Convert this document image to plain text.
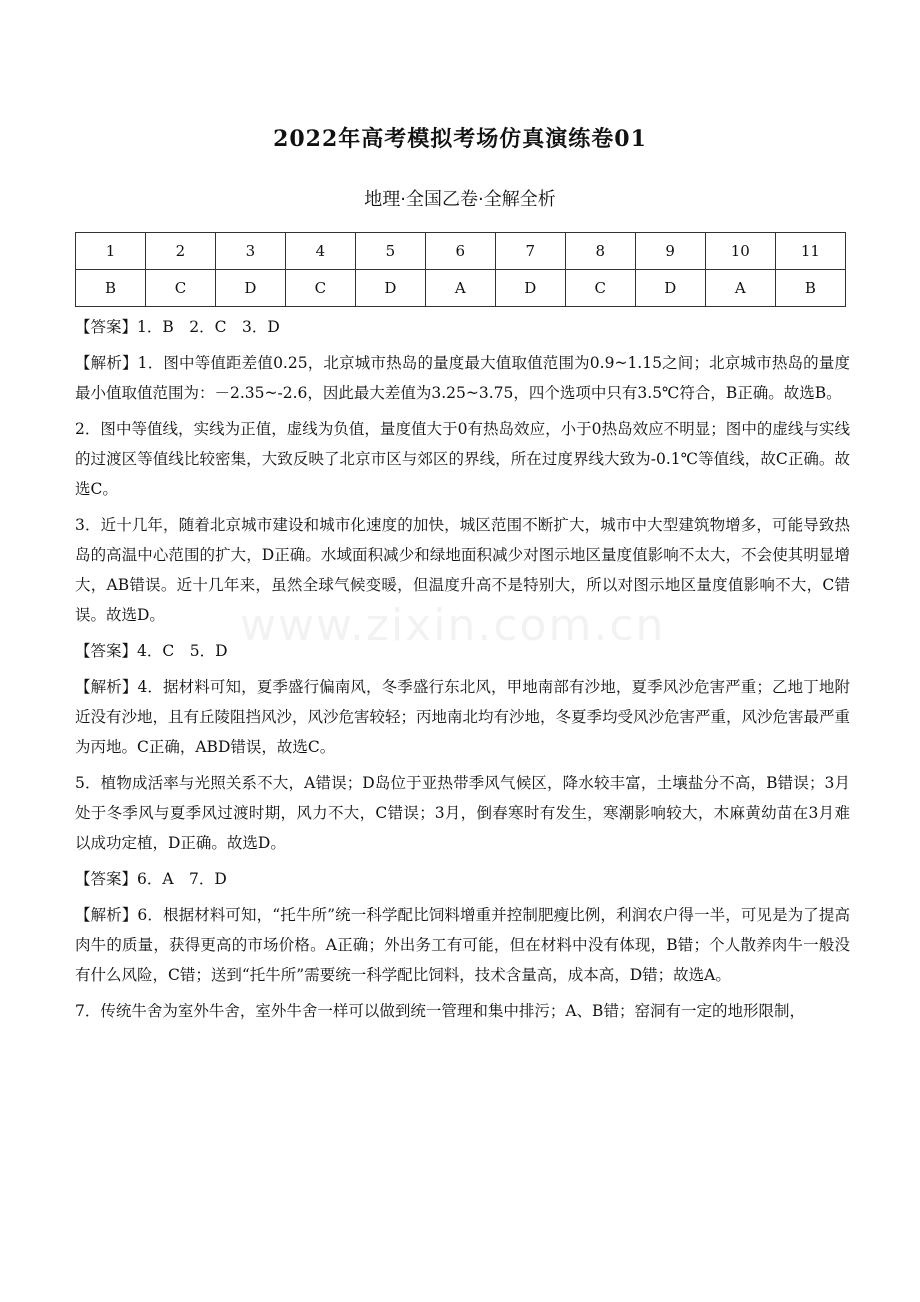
2022年高考模拟考场仿真演练卷01
地理·全国乙卷·全解全析
1	2	3	4	5	6	7	8	9	10	11
B	C	D	C	D	A	D	C	D	A	B
www.zixin.com.cn

【答案】1．B　2．C　3．D

【解析】1．图中等值距差值0.25，北京城市热岛的量度最大值取值范围为0.9~1.15之间；北京城市热岛的量度最小值取值范围为：－2.35~-2.6，因此最大差值为3.25~3.75，四个选项中只有3.5℃符合，B正确。故选B。

2．图中等值线，实线为正值，虚线为负值，量度值大于0有热岛效应，小于0热岛效应不明显；图中的虚线与实线的过渡区等值线比较密集，大致反映了北京市区与郊区的界线，所在过度界线大致为-0.1℃等值线，故C正确。故选C。

3．近十几年，随着北京城市建设和城市化速度的加快，城区范围不断扩大，城市中大型建筑物增多，可能导致热岛的高温中心范围的扩大，D正确。水域面积减少和绿地面积减少对图示地区量度值影响不太大，不会使其明显增大，AB错误。近十几年来，虽然全球气候变暖，但温度升高不是特别大，所以对图示地区量度值影响不大，C错误。故选D。

【答案】4．C　5．D

【解析】4．据材料可知，夏季盛行偏南风，冬季盛行东北风，甲地南部有沙地，夏季风沙危害严重；乙地丁地附近没有沙地，且有丘陵阻挡风沙，风沙危害较轻；丙地南北均有沙地，冬夏季均受风沙危害严重，风沙危害最严重为丙地。C正确，ABD错误，故选C。

5．植物成活率与光照关系不大，A错误；D岛位于亚热带季风气候区，降水较丰富，土壤盐分不高，B错误；3月处于冬季风与夏季风过渡时期，风力不大，C错误；3月，倒春寒时有发生，寒潮影响较大，木麻黄幼苗在3月难以成功定植，D正确。故选D。

【答案】6．A　7．D

【解析】6．根据材料可知，“托牛所”统一科学配比饲料增重并控制肥瘦比例，利润农户得一半，可见是为了提高肉牛的质量，获得更高的市场价格。A正确；外出务工有可能，但在材料中没有体现，B错；个人散养肉牛一般没有什么风险，C错；送到“托牛所”需要统一科学配比饲料，技术含量高，成本高，D错；故选A。

7．传统牛舍为室外牛舍，室外牛舍一样可以做到统一管理和集中排污；A、B错；窑洞有一定的地形限制，
